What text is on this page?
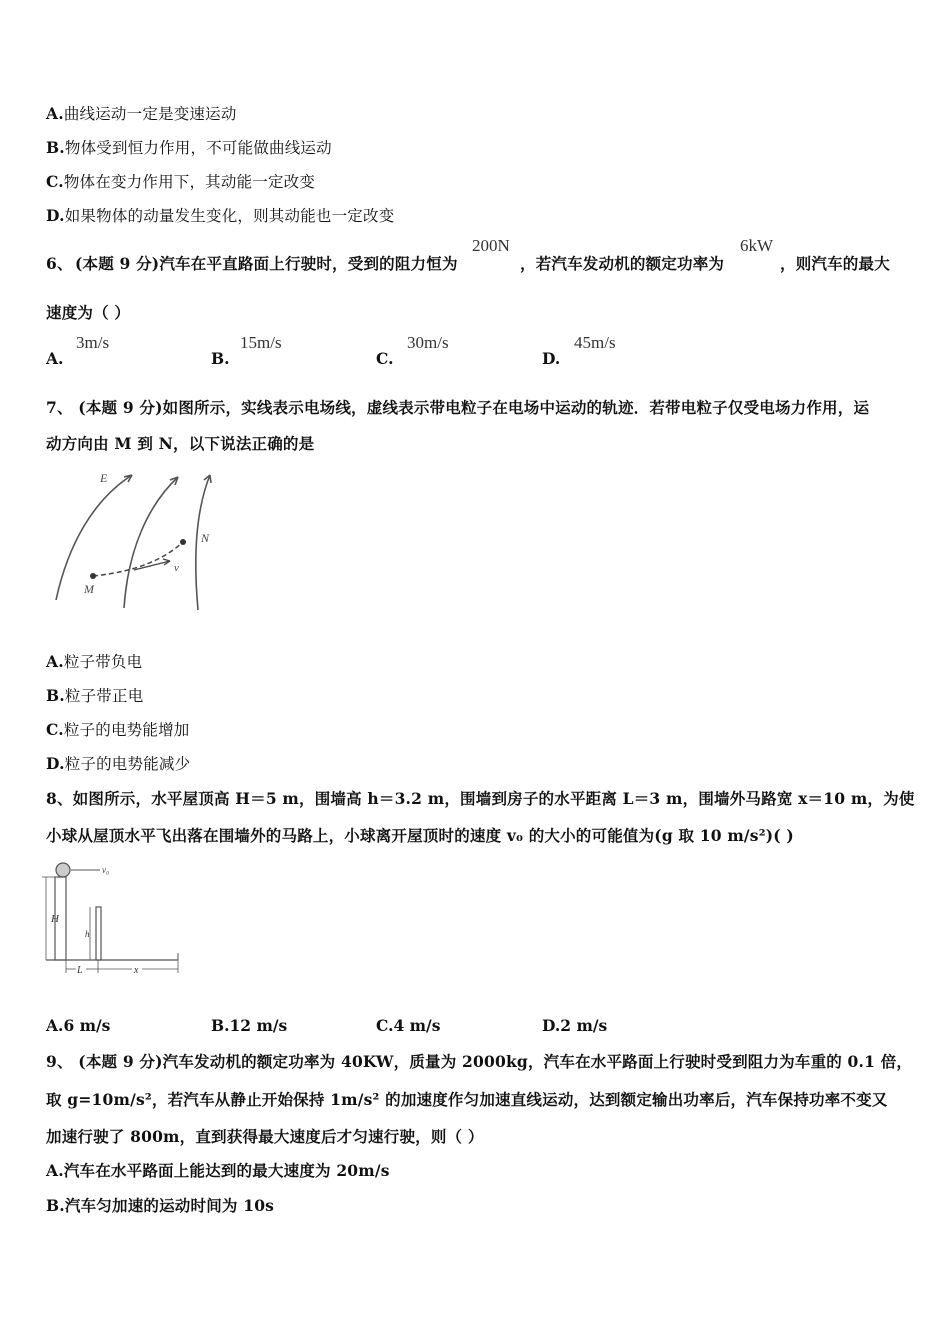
A.曲线运动一定是变速运动
B.物体受到恒力作用，不可能做曲线运动
C.物体在变力作用下，其动能一定改变
D.如果物体的动量发生变化，则其动能也一定改变
6、 (本题 9 分)汽车在平直路面上行驶时，受到的阻力恒为
200N
，若汽车发动机的额定功率为
6kW
，则汽车的最大
速度为（ ）
A.
3m/s
B.
15m/s
C.
30m/s
D.
45m/s
7、 (本题 9 分)如图所示，实线表示电场线，虚线表示带电粒子在电场中运动的轨迹．若带电粒子仅受电场力作用，运
动方向由 M 到 N，以下说法正确的是
E
N
M
v
A.粒子带负电
B.粒子带正电
C.粒子的电势能增加
D.粒子的电势能减少
8、如图所示，水平屋顶高 H＝5 m，围墙高 h＝3.2 m，围墙到房子的水平距离 L＝3 m，围墙外马路宽 x＝10 m，为使
小球从屋顶水平飞出落在围墙外的马路上，小球离开屋顶时的速度 v₀ 的大小的可能值为(g 取 10 m/s²)( )
v₀
H
h
L	x
A.6 m/s	B.12 m/s	C.4 m/s	D.2 m/s
9、 (本题 9 分)汽车发动机的额定功率为 40KW，质量为 2000kg，汽车在水平路面上行驶时受到阻力为车重的 0.1 倍，
取 g=10m/s²，若汽车从静止开始保持 1m/s² 的加速度作匀加速直线运动，达到额定输出功率后，汽车保持功率不变又
加速行驶了 800m，直到获得最大速度后才匀速行驶，则（ ）
A.汽车在水平路面上能达到的最大速度为 20m/s
B.汽车匀加速的运动时间为 10s
